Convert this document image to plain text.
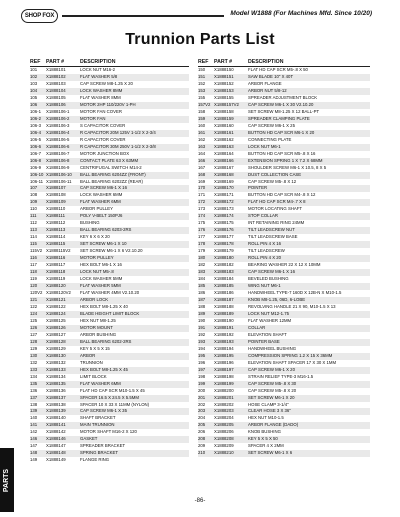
SHOP FOX	Model W1888 (For Machines Mfd. Since 10/20)
Trunnion Parts List
REF	PART #	DESCRIPTION
101	X1888101	LOCK NUT M16-2
102	X1888102	FLAT WASHER 5/8
103	X1888103	CAP SCREW M8-1.25 X 20
104	X1888104	LOCK WASHER 8MM
105	X1888105	FLAT WASHER 8MM
106	X1888106	MOTOR 2HP 110/220V 1-PH
106-1	X1888106-1	MOTOR FAN COVER
106-2	X1888106-2	MOTOR FAN
106-3	X1888106-3	S CAPACITOR COVER
106-4	X1888106-4	R CAPACITOR 20M 125V 1-1/2 X 2-3/4
106-5	X1888106-5	R CAPACITOR COVER
106-6	X1888106-6	R CAPACITOR 30M 250V 1-1/2 X 2-3/8
106-7	X1888106-7	MOTOR JUNCTION BOX
106-8	X1888106-8	CONTACT PLATE 63 X 63MM
106-9	X1888106-9	CENTRIFUGAL SWITCH M14-2
106-10 X1888106-10	BALL BEARING 6204ZZ (FRONT)
106-11 X1888106-11	BALL BEARING 6202ZZ (REAR)
107	X1888107	CAP SCREW M6-1 X 16
108	X1888108	LOCK WASHER 6MM
109	X1888109	FLAT WASHER 6MM
110	X1888110	ARBOR PULLEY
111	X1888111	POLY V-BELT 150PJ6
112	X1888112	BUSHING
113	X1888113	BALL BEARING 6203-2RS
114	X1888114	KEY 6 X 6 X 20
115	X1888115	SET SCREW M6-1 X 10
115V2 X1888115V2	SET SCREW M6-1 X 6 V2.10.20
116	X1888116	MOTOR PULLEY
117	X1888117	HEX BOLT M6-1 X 16
118	X1888118	LOCK NUT M5-.8
119	X1888119	LOCK WASHER 5MM
120	X1888120	FLAT WASHER 5MM
120V2 X1888120V2	FLAT WASHER 4MM V2.10.20
121	X1888121	ARBOR LOCK
122	X1888122	HEX BOLT M8-1.25 X 40
124	X1888124	BLADE HEIGHT LIMIT BLOCK
125	X1888125	HEX NUT M8-1.25
126	X1888126	MOTOR MOUNT
127	X1888127	ARBOR BUSHING
128	X1888128	BALL BEARING 6202-2RS
129	X1888129	KEY 5 X 5 X 15
130	X1888130	ARBOR
132	X1888132	TRUNNION
133	X1888133	HEX BOLT M8-1.25 X 45
134	X1888134	LIMIT BLOCK
135	X1888135	FLAT WASHER 6MM
136	X1888136	FLAT HD CAP SCR M10-1.5 X 45
137	X1888137	SPACER 16.5 X 24.5 X 5.5MM
138	X1888138	SPACER 10 X 33 X 11MM (NYLON)
139	X1888139	CAP SCREW M6-1 X 35
140	X1888140	SHAFT BRACKET
141	X1888141	MAIN TRUNNION
142	X1888142	MOTOR SHAFT M16-2 X 120
146	X1888146	GASKET
147	X1888147	SPREADER BRACKET
148	X1888148	SPRING BRACKET
149	X1888149	FLANGE RING
REF	PART #	DESCRIPTION
150	X1888150	FLAT HD CAP SCR M5-.8 X 50
151	X1888151	SAW BLADE 10" X 40T
152	X1888152	ARBOR FLANGE
153	X1888153	ARBOR NUT 5/8-12
155	X1888155	SPREADER ADJUSTMENT BLOCK
157V2 X1888157V2	CAP SCREW M6-1 X 30 V2.10.20
158	X1888158	SET SCREW M8-1.25 X 12 BALL-PT
159	X1888159	SPREADER CLAMPING PLATE
160	X1888160	CAP SCREW M6-1 X 25
161	X1888161	BUTTON HD CAP SCR M6-1 X 20
162	X1888162	CONNECTING PLATE
163	X1888163	LOCK NUT M6-1
164	X1888164	BUTTON HD CAP SCR M5-.8 X 16
166	X1888166	EXTENSION SPRING 1 X 7.2 X 68MM
167	X1888167	SHOULDER SCREW M6-1 X 10.5, 8 X 5
168	X1888168	DUST COLLECTION CASE
169	X1888169	CAP SCREW M5-.8 X 12
170	X1888170	POINTER
171	X1888171	BUTTON HD CAP SCR M4-.8 X 12
172	X1888172	FLAT HD CAP SCR M4-.7 X 8
173	X1888173	MOTOR LOCATING SHAFT
174	X1888174	STOP COLLAR
175	X1888175	INT RETAINING RING 24MM
176	X1888176	TILT LEADSCREW NUT
177	X1888177	TILT LEADSCREW BASE
178	X1888178	ROLL PIN 4 X 16
179	X1888179	TILT LEADSCREW
180	X1888180	ROLL PIN 4 X 20
182	X1888182	BEARING WASHER 22 X 12 X 10MM
183	X1888183	CAP SCREW M6-1 X 16
184	X1888184	BEVELED BUSHING
185	X1888185	WING NUT M6-1
186	X1888186	HANDWHEEL TYPE-7 160D X 12B-N X M10-1.5
187	X1888187	KNOB M8-1.25, 06D, 6-LOBE
188	X1888188	REVOLVING HANDLE 21 X 90, M10-1.5 X 13
189	X1888189	LOCK NUT M12-1.75
190	X1888190	FLAT WASHER 12MM
191	X1888191	COLLAR
192	X1888192	ELEVATION SHAFT
193	X1888193	POINTER BASE
194	X1888194	HANDWHEEL BUSHING
195	X1888195	COMPRESSION SPRING 1.2 X 15 X 36MM
196	X1888196	ELEVATION SHAFT SPACER 17 X 30 X 1MM
197	X1888197	CAP SCREW M6-1 X 20
198	X1888198	STRAIN RELIEF TYPE-3 M16-1.5
199	X1888199	CAP SCREW M5-.8 X 30
200	X1888200	CAP SCREW M5-.8 X 20
201	X1888201	SET SCREW M6-1 X 20
202	X1888202	HOSE CLAMP 3-1/4"
203	X1888203	CLEAR HOSE 3 X 36"
204	X1888204	HEX NUT M10-1.5
205	X1888205	ARBOR FLANGE (DADO)
206	X1888206	KNOB BUSHING
208	X1888208	KEY 5 X 5 X 50
209	X1888209	SPACER 4 X 2MM
210	X1888210	SET SCREW M6-1 X 6
PARTS
-86-
